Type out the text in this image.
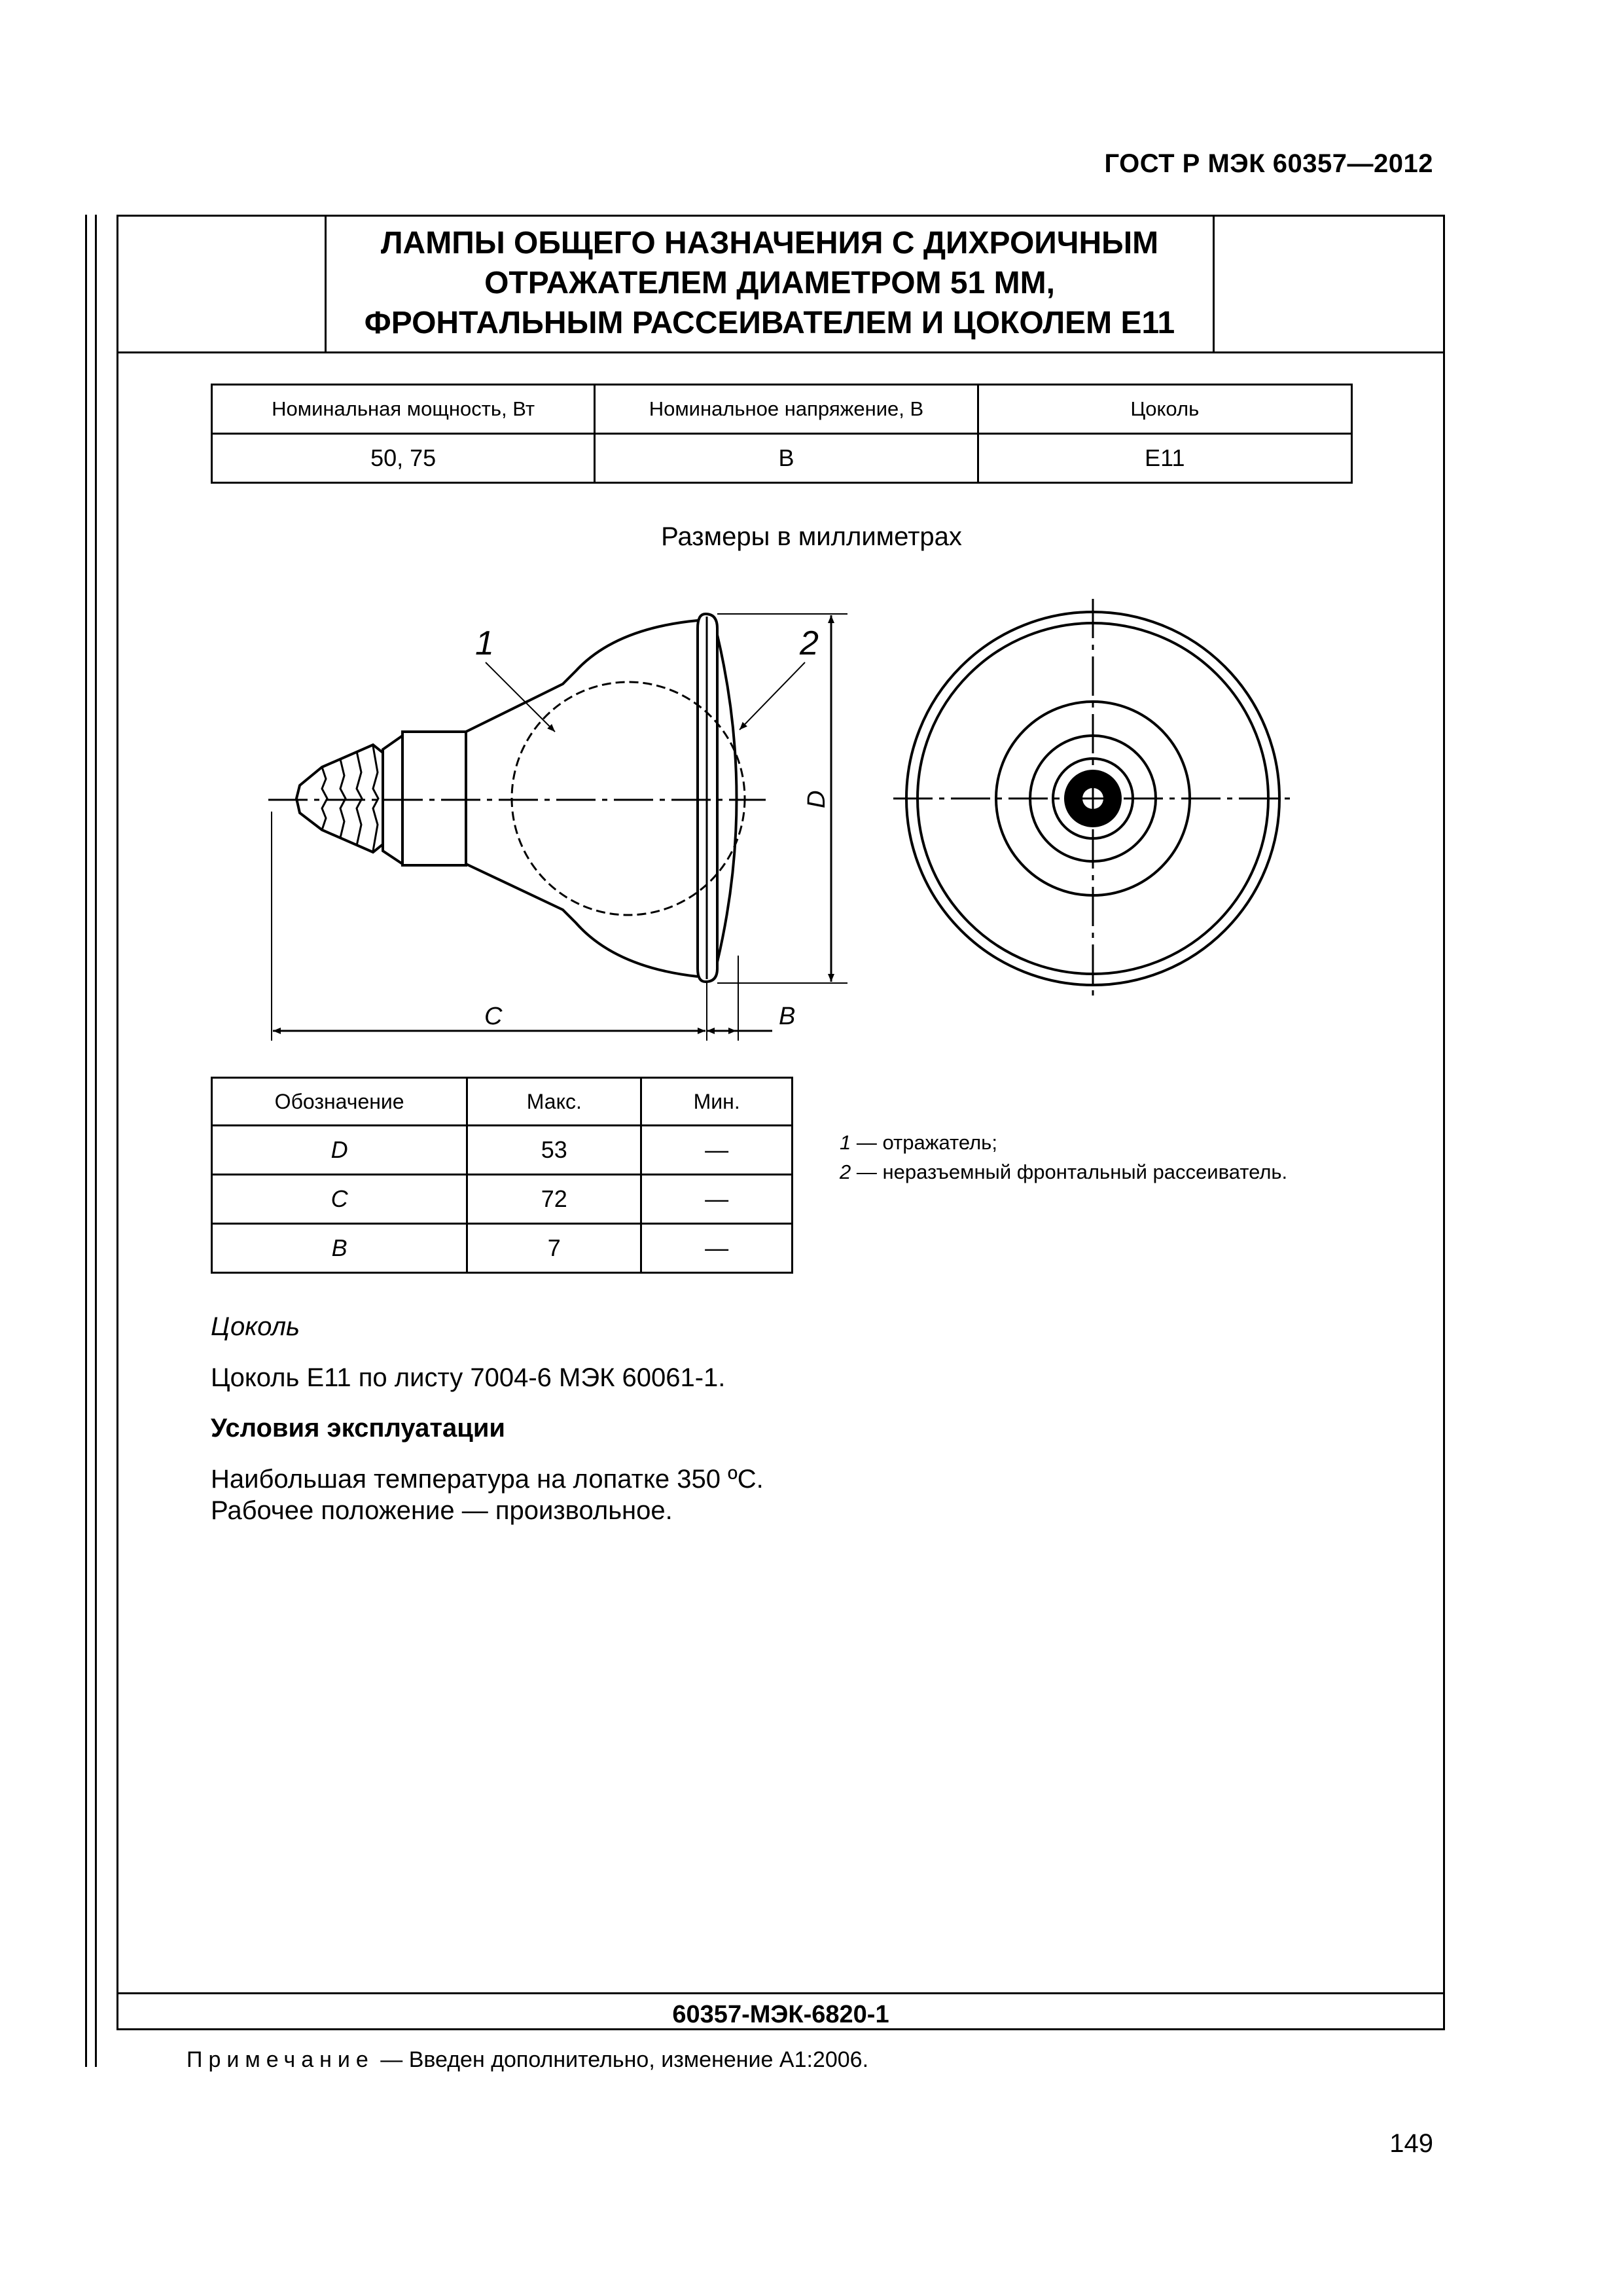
ГОСТ Р МЭК 60357—2012
ЛАМПЫ ОБЩЕГО НАЗНАЧЕНИЯ С ДИХРОИЧНЫМ
ОТРАЖАТЕЛЕМ ДИАМЕТРОМ 51 ММ,
ФРОНТАЛЬНЫМ РАССЕИВАТЕЛЕМ И ЦОКОЛЕМ Е11
Номинальная мощность, Вт	Номинальное напряжение, В	Цоколь
50, 75	В	E11
Размеры в миллиметрах
1	2
D
C	B
Обозначение	Макс.	Мин.
D	53	—
C	72	—
B	7	—
1 — отражатель;
2 — неразъемный фронтальный рассеиватель.
Цоколь
Цоколь E11 по листу 7004-6 МЭК 60061-1.
Условия эксплуатации
Наибольшая температура на лопатке 350 ºС.
Рабочее положение — произвольное.
60357-МЭК-6820-1
Примечание — Введен дополнительно, изменение А1:2006.
149
